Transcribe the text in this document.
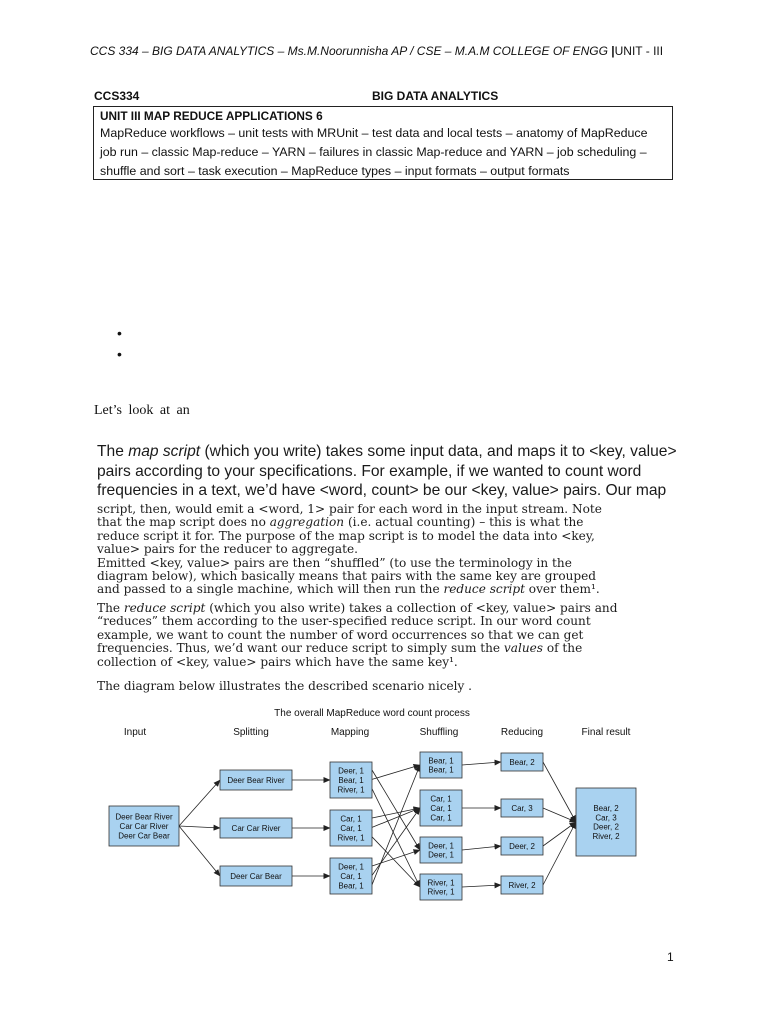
CCS 334 – BIG DATA ANALYTICS – Ms.M.Noorunnisha AP / CSE – M.A.M COLLEGE OF ENGG |UNIT - III
CCS334	BIG DATA ANALYTICS
UNIT III MAP REDUCE APPLICATIONS 6
MapReduce workflows – unit tests with MRUnit – test data and local tests – anatomy of MapReduce
job run – classic Map-reduce – YARN – failures in classic Map-reduce and YARN – job scheduling –
shuffle and sort – task execution – MapReduce types – input formats – output formats
•
•
Let’s look at an
The map script (which you write) takes some input data, and maps it to <key, value>
pairs according to your specifications. For example, if we wanted to count word
frequencies in a text, we’d have <word, count> be our <key, value> pairs. Our map
script, then, would emit a <word, 1> pair for each word in the input stream. Note
that the map script does no aggregation (i.e. actual counting) – this is what the
reduce script it for. The purpose of the map script is to model the data into <key,
value> pairs for the reducer to aggregate.
Emitted <key, value> pairs are then “shuffled” (to use the terminology in the
diagram below), which basically means that pairs with the same key are grouped
and passed to a single machine, which will then run the reduce script over them¹.
The reduce script (which you also write) takes a collection of <key, value> pairs and
“reduces” them according to the user-specified reduce script. In our word count
example, we want to count the number of word occurrences so that we can get
frequencies. Thus, we’d want our reduce script to simply sum the values of the
collection of <key, value> pairs which have the same key¹.
The diagram below illustrates the described scenario nicely .
The overall MapReduce word count process
Input	Splitting	Mapping	Shuffling	Reducing	Final result
Deer Bear River
Car Car River
Deer Car Bear
Deer Bear River
Car Car River
Deer Car Bear
Deer, 1
Bear, 1
River, 1
Car, 1
Car, 1
River, 1
Deer, 1
Car, 1
Bear, 1
Bear, 1
Bear, 1
Car, 1
Car, 1
Car, 1
Deer, 1
Deer, 1
River, 1
River, 1
Bear, 2
Car, 3
Deer, 2
River, 2
Bear, 2
Car, 3
Deer, 2
River, 2
1
